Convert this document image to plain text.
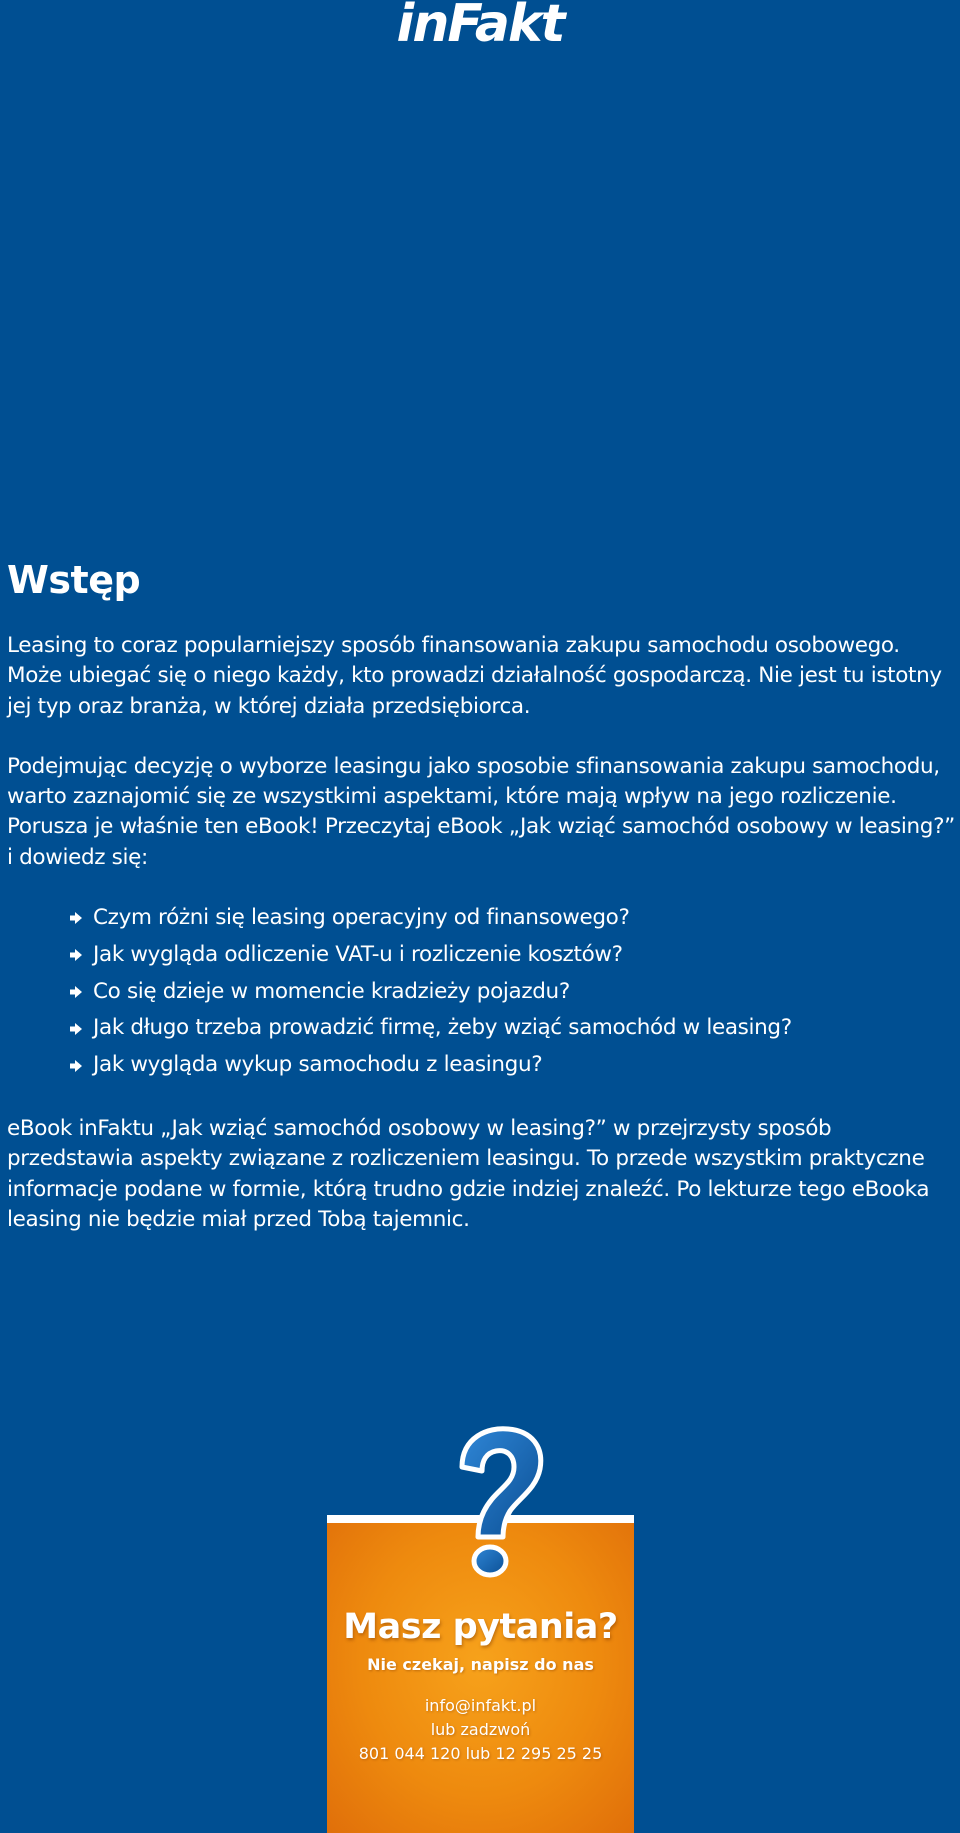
inFakt
Wstęp

Leasing to coraz popularniejszy sposób finansowania zakupu samochodu osobowego. Może ubiegać się o niego każdy, kto prowadzi działalność gospodarczą. Nie jest tu istotny jej typ oraz branża, w której działa przedsiębiorca.

Podejmując decyzję o wyborze leasingu jako sposobie sfinansowania zakupu samochodu, warto zaznajomić się ze wszystkimi aspektami, które mają wpływ na jego rozliczenie. Porusza je właśnie ten eBook! Przeczytaj eBook „Jak wziąć samochód osobowy w leasing?” i dowiedz się:

Czym różni się leasing operacyjny od finansowego?
Jak wygląda odliczenie VAT-u i rozliczenie kosztów?
Co się dzieje w momencie kradzieży pojazdu?
Jak długo trzeba prowadzić firmę, żeby wziąć samochód w leasing?
Jak wygląda wykup samochodu z leasingu?

eBook inFaktu „Jak wziąć samochód osobowy w leasing?” w przejrzysty sposób przedstawia aspekty związane z rozliczeniem leasingu. To przede wszystkim praktyczne informacje podane w formie, którą trudno gdzie indziej znaleźć. Po lekturze tego eBooka leasing nie będzie miał przed Tobą tajemnic.

Masz pytania?
Nie czekaj, napisz do nas
info@infakt.pl
lub zadzwoń
801 044 120 lub 12 295 25 25
